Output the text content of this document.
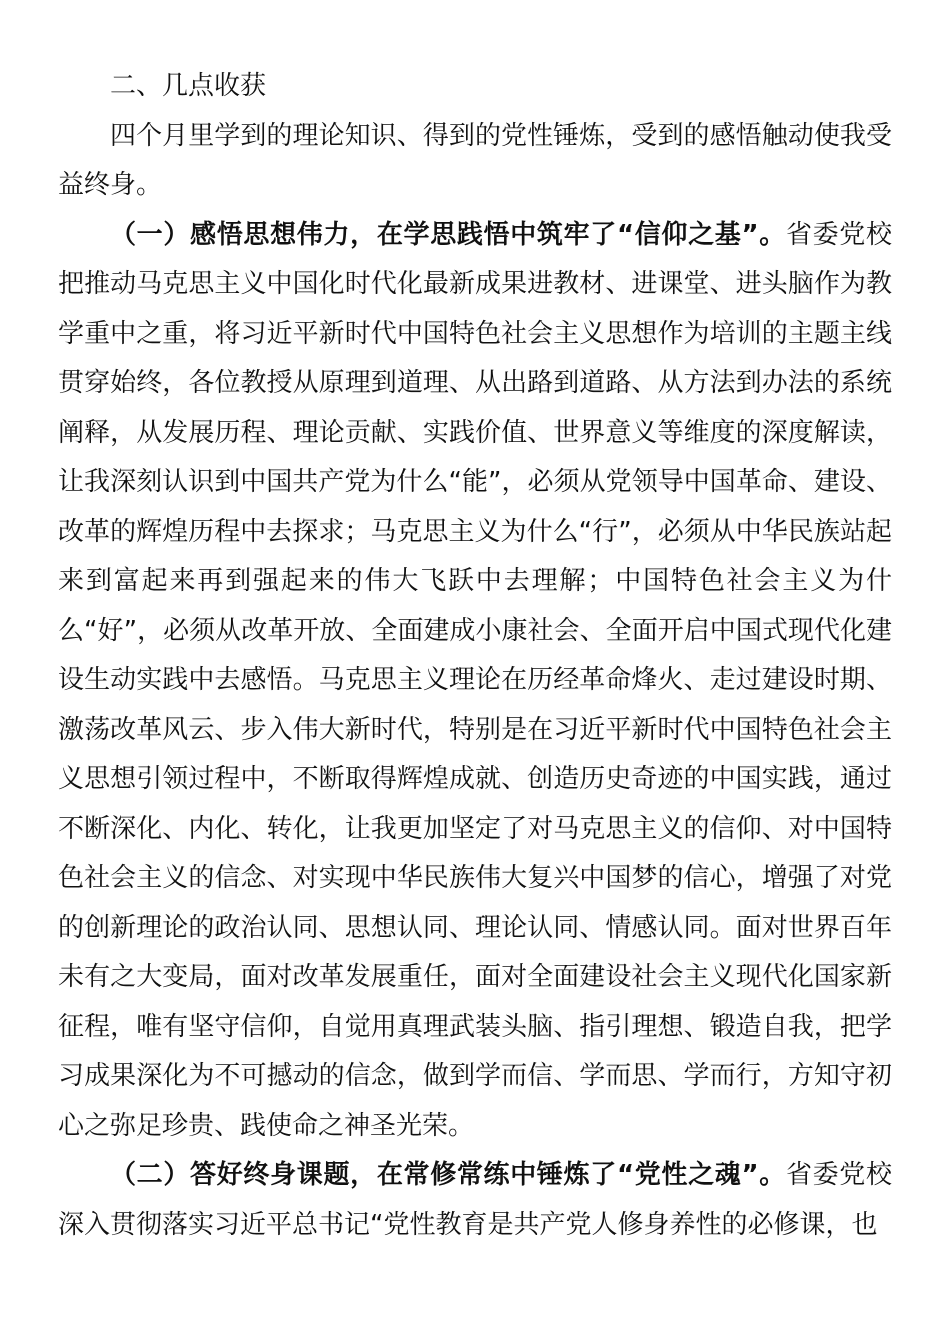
二、几点收获

四个月里学到的理论知识、得到的党性锤炼，受到的感悟触动使我受益终身。

（一）感悟思想伟力，在学思践悟中筑牢了“信仰之基”。省委党校把推动马克思主义中国化时代化最新成果进教材、进课堂、进头脑作为教学重中之重，将习近平新时代中国特色社会主义思想作为培训的主题主线贯穿始终，各位教授从原理到道理、从出路到道路、从方法到办法的系统阐释，从发展历程、理论贡献、实践价值、世界意义等维度的深度解读，让我深刻认识到中国共产党为什么“能”，必须从党领导中国革命、建设、改革的辉煌历程中去探求；马克思主义为什么“行”，必须从中华民族站起来到富起来再到强起来的伟大飞跃中去理解；中国特色社会主义为什么“好”，必须从改革开放、全面建成小康社会、全面开启中国式现代化建设生动实践中去感悟。马克思主义理论在历经革命烽火、走过建设时期、激荡改革风云、步入伟大新时代，特别是在习近平新时代中国特色社会主义思想引领过程中，不断取得辉煌成就、创造历史奇迹的中国实践，通过不断深化、内化、转化，让我更加坚定了对马克思主义的信仰、对中国特色社会主义的信念、对实现中华民族伟大复兴中国梦的信心，增强了对党的创新理论的政治认同、思想认同、理论认同、情感认同。面对世界百年未有之大变局，面对改革发展重任，面对全面建设社会主义现代化国家新征程，唯有坚守信仰，自觉用真理武装头脑、指引理想、锻造自我，把学习成果深化为不可撼动的信念，做到学而信、学而思、学而行，方知守初心之弥足珍贵、践使命之神圣光荣。

（二）答好终身课题，在常修常练中锤炼了“党性之魂”。省委党校深入贯彻落实习近平总书记“党性教育是共产党人修身养性的必修课，也
